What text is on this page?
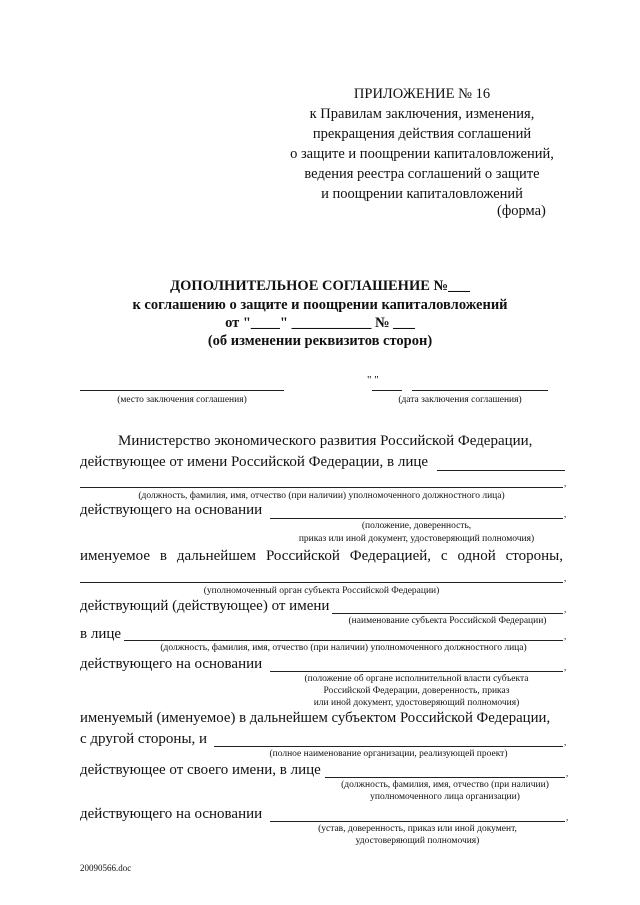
ПРИЛОЖЕНИЕ № 16
к Правилам заключения, изменения,
прекращения действия соглашений
о защите и поощрении капиталовложений,
ведения реестра соглашений о защите
и поощрении капиталовложений
(форма)
ДОПОЛНИТЕЛЬНОЕ СОГЛАШЕНИЕ №___
к соглашению о защите и поощрении капиталовложений
от "____" ___________ № ___
(об изменении реквизитов сторон)
(место заключения соглашения)
" "
(дата заключения соглашения)
Министерство экономического развития Российской Федерации,
действующее от имени Российской Федерации, в лице
,
(должность, фамилия, имя, отчество (при наличии) уполномоченного должностного лица)
действующего на основании	,
(положение, доверенность,
приказ или иной документ, удостоверяющий полномочия)
именуемое в дальнейшем Российской Федерацией, с одной стороны,
,
(уполномоченный орган субъекта Российской Федерации)
действующий (действующее) от имени	,
(наименование субъекта Российской Федерации)
в лице	,
(должность, фамилия, имя, отчество (при наличии) уполномоченного должностного лица)
действующего на основании	,
(положение об органе исполнительной власти субъекта
Российской Федерации, доверенность, приказ
или иной документ, удостоверяющий полномочия)
именуемый (именуемое) в дальнейшем субъектом Российской Федерации,
с другой стороны, и	,
(полное наименование организации, реализующей проект)
действующее от своего имени, в лице	,
(должность, фамилия, имя, отчество (при наличии)
уполномоченного лица организации)
действующего на основании	,
(устав, доверенность, приказ или иной документ,
удостоверяющий полномочия)
20090566.doc
